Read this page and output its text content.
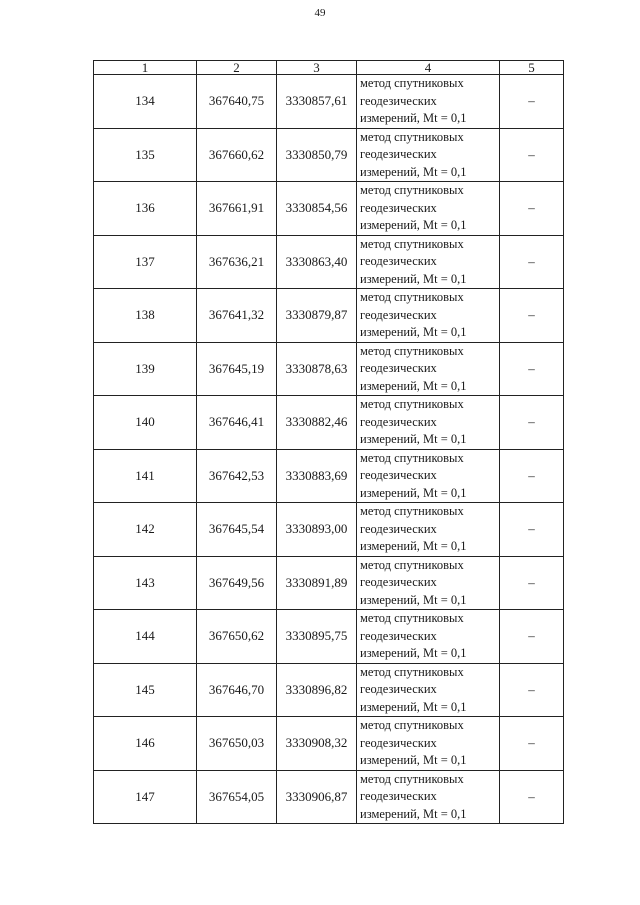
49
1	2	3	4	5
134	367640,75	3330857,61	метод спутниковых
геодезических
измерений, Mt = 0,1	–
135	367660,62	3330850,79	метод спутниковых
геодезических
измерений, Mt = 0,1	–
136	367661,91	3330854,56	метод спутниковых
геодезических
измерений, Mt = 0,1	–
137	367636,21	3330863,40	метод спутниковых
геодезических
измерений, Mt = 0,1	–
138	367641,32	3330879,87	метод спутниковых
геодезических
измерений, Mt = 0,1	–
139	367645,19	3330878,63	метод спутниковых
геодезических
измерений, Mt = 0,1	–
140	367646,41	3330882,46	метод спутниковых
геодезических
измерений, Mt = 0,1	–
141	367642,53	3330883,69	метод спутниковых
геодезических
измерений, Mt = 0,1	–
142	367645,54	3330893,00	метод спутниковых
геодезических
измерений, Mt = 0,1	–
143	367649,56	3330891,89	метод спутниковых
геодезических
измерений, Mt = 0,1	–
144	367650,62	3330895,75	метод спутниковых
геодезических
измерений, Mt = 0,1	–
145	367646,70	3330896,82	метод спутниковых
геодезических
измерений, Mt = 0,1	–
146	367650,03	3330908,32	метод спутниковых
геодезических
измерений, Mt = 0,1	–
147	367654,05	3330906,87	метод спутниковых
геодезических
измерений, Mt = 0,1	–
